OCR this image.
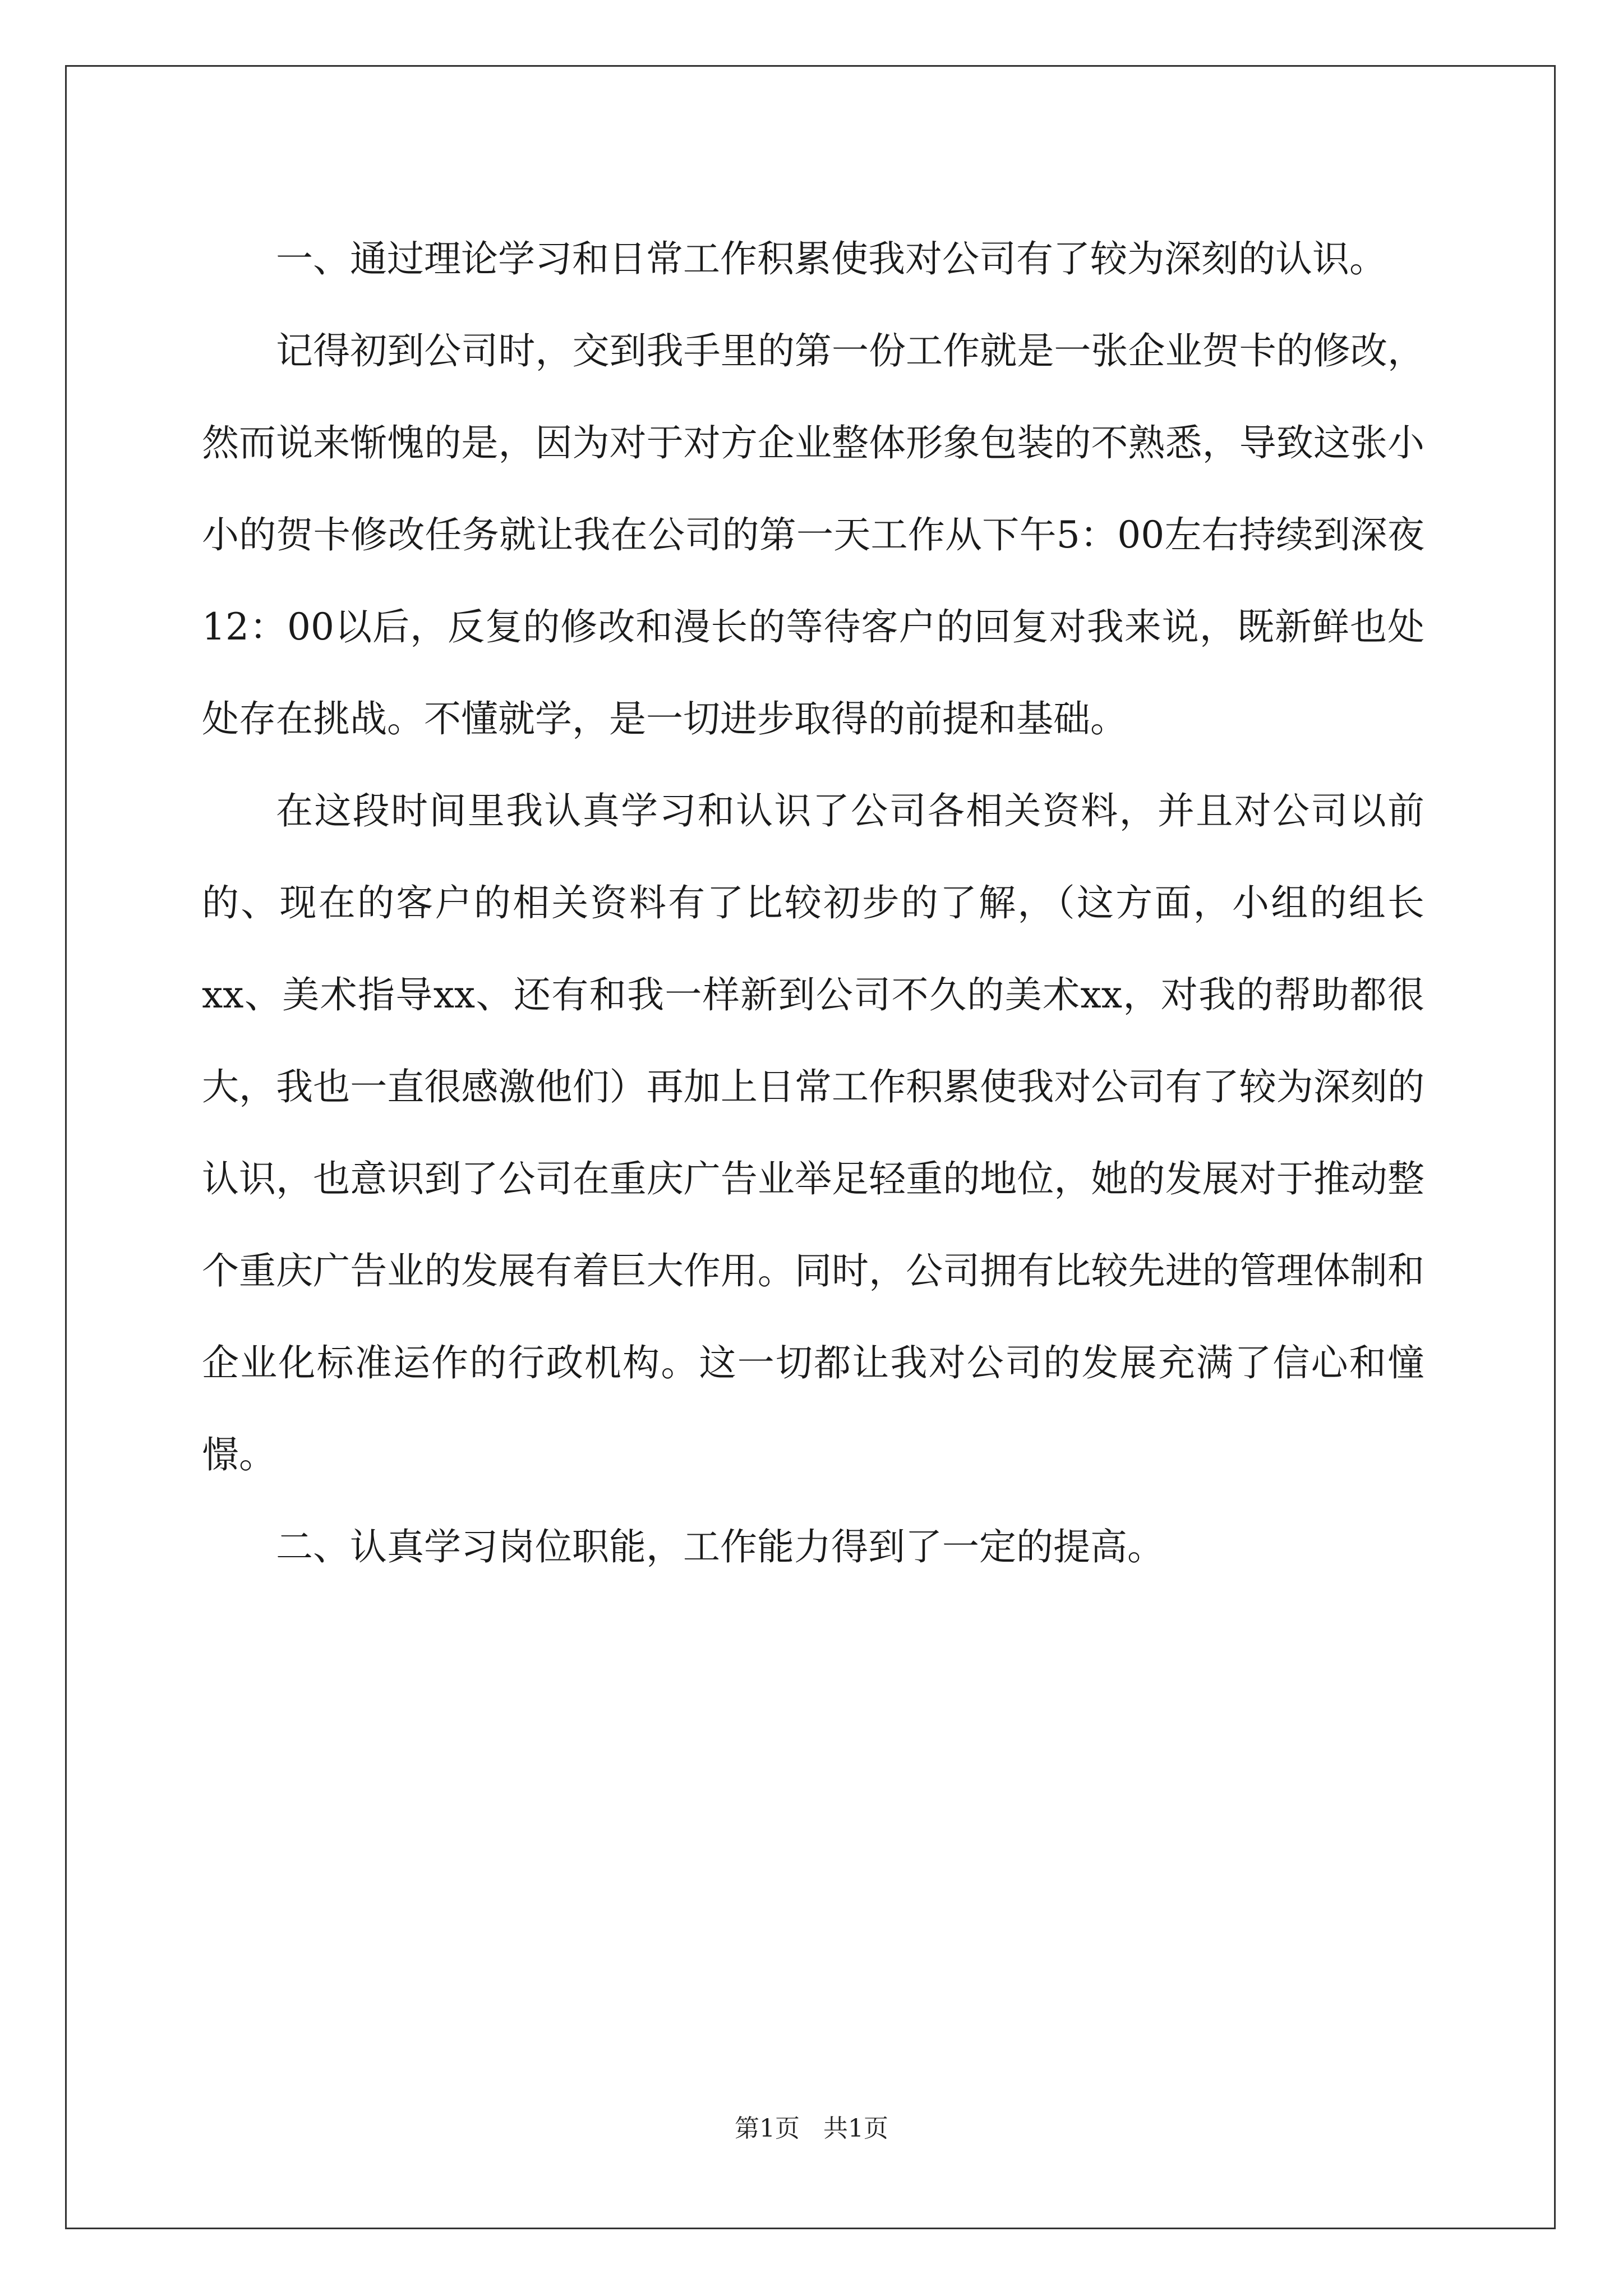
一、通过理论学习和日常工作积累使我对公司有了较为深刻的认识。

记得初到公司时，交到我手里的第一份工作就是一张企业贺卡的修改，然而说来惭愧的是，因为对于对方企业整体形象包装的不熟悉，导致这张小小的贺卡修改任务就让我在公司的第一天工作从下午5：00左右持续到深夜12：00以后，反复的修改和漫长的等待客户的回复对我来说，既新鲜也处处存在挑战。不懂就学，是一切进步取得的前提和基础。

在这段时间里我认真学习和认识了公司各相关资料，并且对公司以前的、现在的客户的相关资料有了比较初步的了解，（这方面，小组的组长xx、美术指导xx、还有和我一样新到公司不久的美术xx，对我的帮助都很大，我也一直很感激他们）再加上日常工作积累使我对公司有了较为深刻的认识，也意识到了公司在重庆广告业举足轻重的地位，她的发展对于推动整个重庆广告业的发展有着巨大作用。同时，公司拥有比较先进的管理体制和企业化标准运作的行政机构。这一切都让我对公司的发展充满了信心和憧憬。

二、认真学习岗位职能，工作能力得到了一定的提高。

第1页 共1页
